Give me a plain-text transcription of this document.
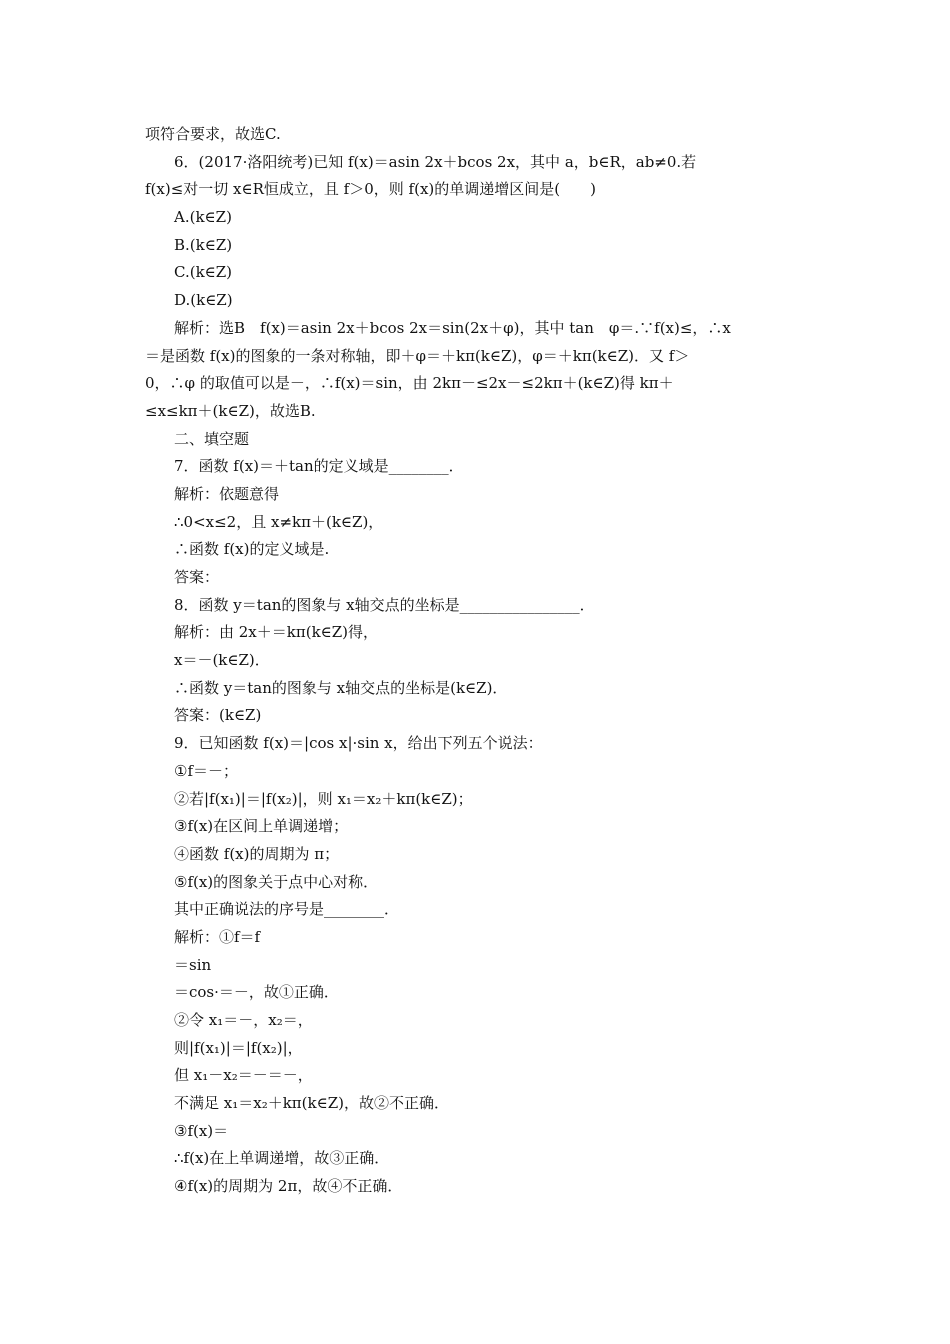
项符合要求，故选C.
6．(2017·洛阳统考)已知 f(x)＝asin 2x＋bcos 2x，其中 a，b∈R，ab≠0.若
f(x)≤对一切 x∈R恒成立，且 f＞0，则 f(x)的单调递增区间是(　　)
A.(k∈Z)
B.(k∈Z)
C.(k∈Z)
D.(k∈Z)
解析：选B　f(x)＝asin 2x＋bcos 2x＝sin(2x＋φ)，其中 tan　φ＝.∵f(x)≤，∴x
＝是函数 f(x)的图象的一条对称轴，即＋φ＝＋kπ(k∈Z)，φ＝＋kπ(k∈Z)．又 f＞
0，∴φ 的取值可以是－，∴f(x)＝sin，由 2kπ－≤2x－≤2kπ＋(k∈Z)得 kπ＋
≤x≤kπ＋(k∈Z)，故选B.
二、填空题
7．函数 f(x)＝＋tan的定义域是________．
解析：依题意得
∴0<x≤2，且 x≠kπ＋(k∈Z)，
∴函数 f(x)的定义域是.
答案：
8．函数 y＝tan的图象与 x轴交点的坐标是________________．
解析：由 2x＋＝kπ(k∈Z)得，
x＝－(k∈Z)．
∴函数 y＝tan的图象与 x轴交点的坐标是(k∈Z)．
答案：(k∈Z)
9．已知函数 f(x)＝|cos x|·sin x，给出下列五个说法：
①f＝－；
②若|f(x₁)|＝|f(x₂)|，则 x₁＝x₂＋kπ(k∈Z)；
③f(x)在区间上单调递增；
④函数 f(x)的周期为 π；
⑤f(x)的图象关于点中心对称．
其中正确说法的序号是________．
解析：①f＝f
＝sin
＝cos·＝－，故①正确．
②令 x₁＝－，x₂＝，
则|f(x₁)|＝|f(x₂)|，
但 x₁－x₂＝－＝－，
不满足 x₁＝x₂＋kπ(k∈Z)，故②不正确．
③f(x)＝
∴f(x)在上单调递增，故③正确．
④f(x)的周期为 2π，故④不正确．
